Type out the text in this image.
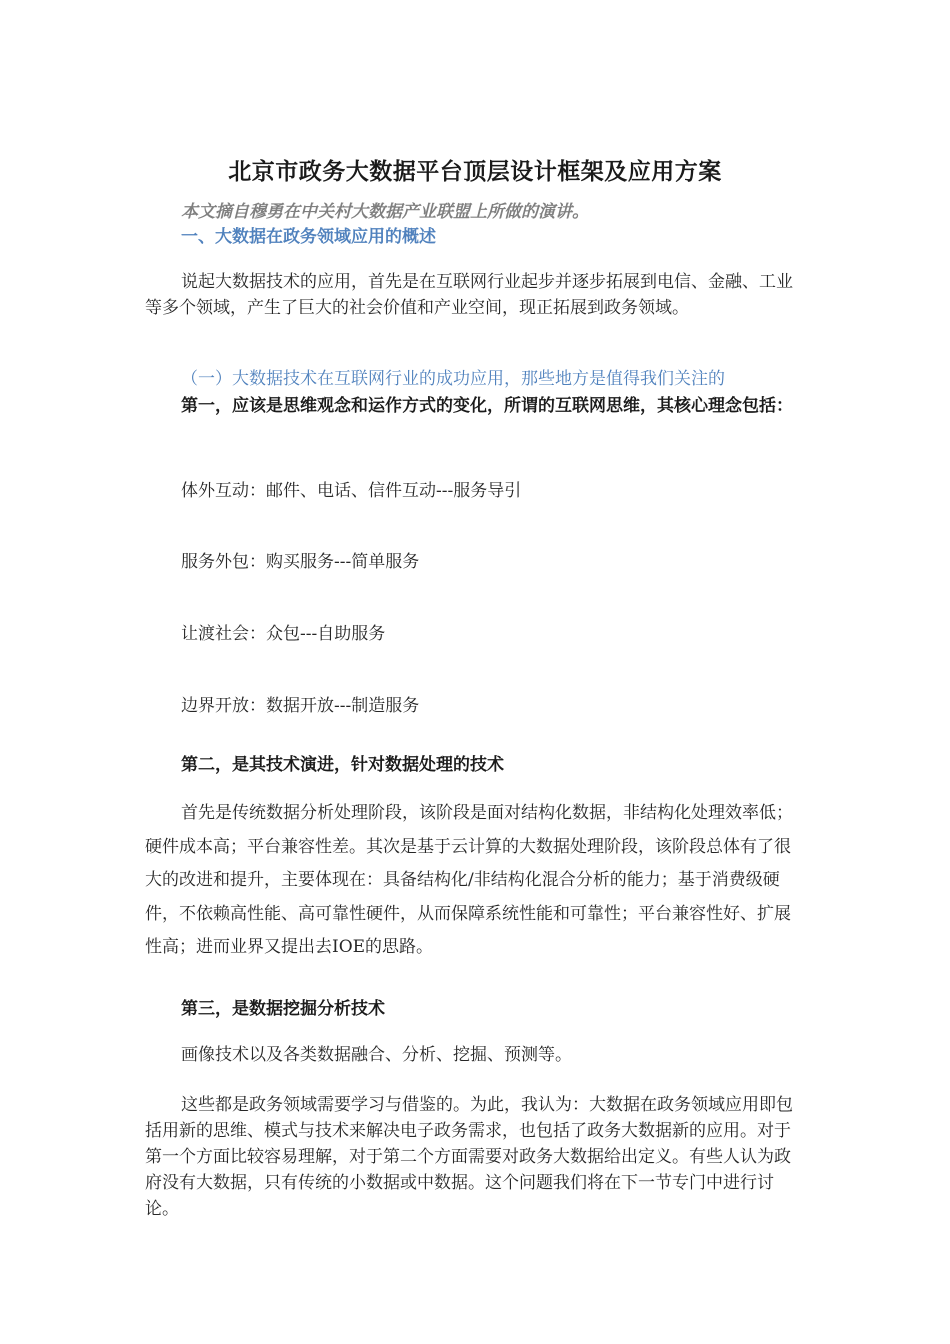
北京市政务大数据平台顶层设计框架及应用方案

本文摘自穆勇在中关村大数据产业联盟上所做的演讲。

一、大数据在政务领域应用的概述

说起大数据技术的应用，首先是在互联网行业起步并逐步拓展到电信、金融、工业等多个领域，产生了巨大的社会价值和产业空间，现正拓展到政务领域。

（一）大数据技术在互联网行业的成功应用，那些地方是值得我们关注的

第一，应该是思维观念和运作方式的变化，所谓的互联网思维，其核心理念包括：

体外互动：邮件、电话、信件互动---服务导引

服务外包：购买服务---简单服务

让渡社会：众包---自助服务

边界开放：数据开放---制造服务

第二，是其技术演进，针对数据处理的技术

首先是传统数据分析处理阶段，该阶段是面对结构化数据，非结构化处理效率低；硬件成本高；平台兼容性差。其次是基于云计算的大数据处理阶段，该阶段总体有了很大的改进和提升，主要体现在：具备结构化/非结构化混合分析的能力；基于消费级硬件，不依赖高性能、高可靠性硬件，从而保障系统性能和可靠性；平台兼容性好、扩展性高；进而业界又提出去IOE的思路。

第三，是数据挖掘分析技术

画像技术以及各类数据融合、分析、挖掘、预测等。

这些都是政务领域需要学习与借鉴的。为此，我认为：大数据在政务领域应用即包括用新的思维、模式与技术来解决电子政务需求，也包括了政务大数据新的应用。对于第一个方面比较容易理解，对于第二个方面需要对政务大数据给出定义。有些人认为政府没有大数据，只有传统的小数据或中数据。这个问题我们将在下一节专门中进行讨论。
